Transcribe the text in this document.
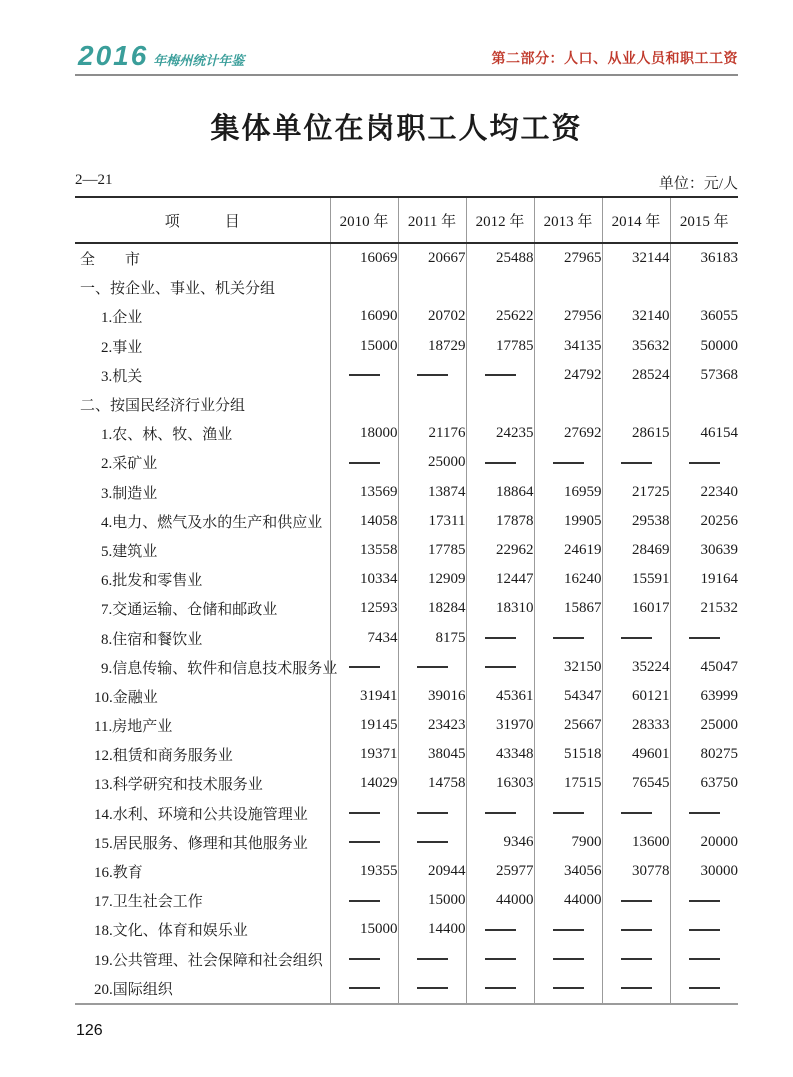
2016 年梅州统计年鉴	第二部分：人口、从业人员和职工工资
集体单位在岗职工人均工资
2—21	单位：元/人
项　　　目	2010 年	2011 年	2012 年	2013 年	2014 年	2015 年
全　　市	16069	20667	25488	27965	32144	36183
一、按企业、事业、机关分组						
1.企业	16090	20702	25622	27956	32140	36055
2.事业	15000	18729	17785	34135	35632	50000
3.机关				24792	28524	57368
二、按国民经济行业分组						
1.农、林、牧、渔业	18000	21176	24235	27692	28615	46154
2.采矿业		25000				
3.制造业	13569	13874	18864	16959	21725	22340
4.电力、燃气及水的生产和供应业	14058	17311	17878	19905	29538	20256
5.建筑业	13558	17785	22962	24619	28469	30639
6.批发和零售业	10334	12909	12447	16240	15591	19164
7.交通运输、仓储和邮政业	12593	18284	18310	15867	16017	21532
8.住宿和餐饮业	7434	8175				
9.信息传输、软件和信息技术服务业				32150	35224	45047
10.金融业	31941	39016	45361	54347	60121	63999
11.房地产业	19145	23423	31970	25667	28333	25000
12.租赁和商务服务业	19371	38045	43348	51518	49601	80275
13.科学研究和技术服务业	14029	14758	16303	17515	76545	63750
14.水利、环境和公共设施管理业						
15.居民服务、修理和其他服务业			9346	7900	13600	20000
16.教育	19355	20944	25977	34056	30778	30000
17.卫生社会工作		15000	44000	44000		
18.文化、体育和娱乐业	15000	14400				
19.公共管理、社会保障和社会组织						
20.国际组织						
126
